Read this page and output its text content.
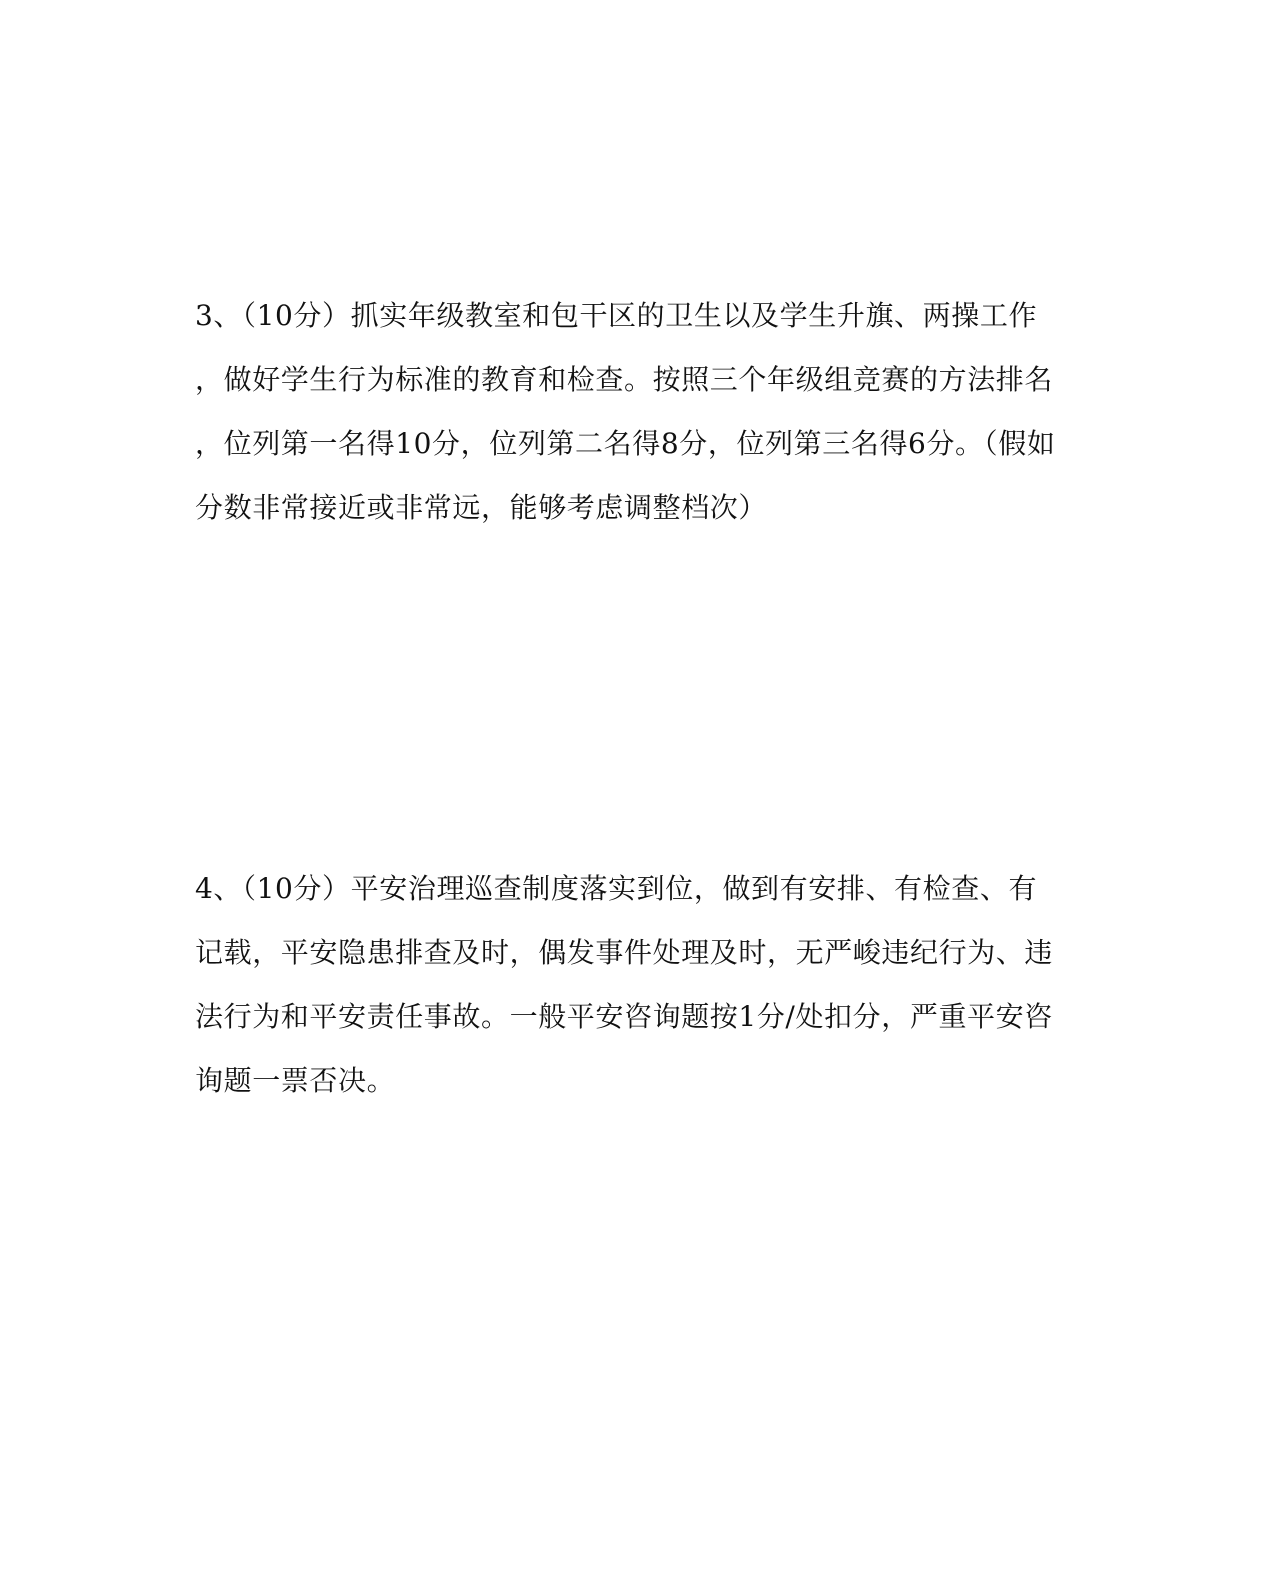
3、（10分）抓实年级教室和包干区的卫生以及学生升旗、两操工作
，做好学生行为标准的教育和检查。按照三个年级组竞赛的方法排名
，位列第一名得10分，位列第二名得8分，位列第三名得6分。（假如
分数非常接近或非常远，能够考虑调整档次）
4、（10分）平安治理巡查制度落实到位，做到有安排、有检查、有
记载，平安隐患排查及时，偶发事件处理及时，无严峻违纪行为、违
法行为和平安责任事故。一般平安咨询题按1分/处扣分，严重平安咨
询题一票否决。
